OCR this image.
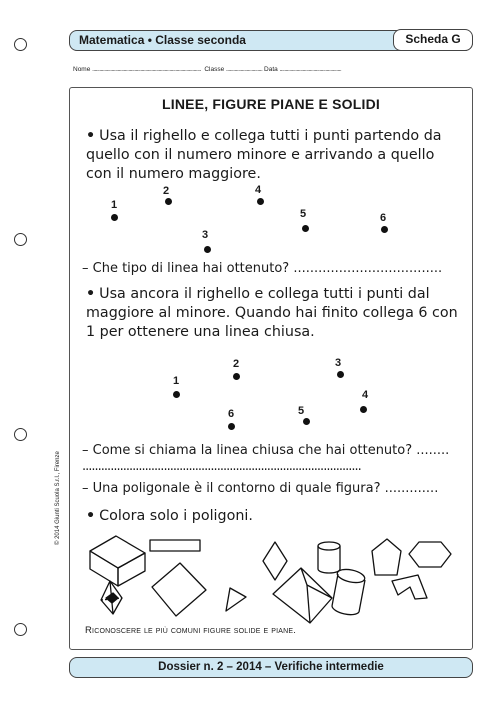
Matematica • Classe seconda	Scheda G
Nome .......................................................................................... Classe .............................. Data ...................................................
LINEE, FIGURE PIANE E SOLIDI
• Usa il righello e collega tutti i punti partendo da quello con il numero minore e arrivando a quello con il numero maggiore.
1
2
3
4
5	6
– Che tipo di linea hai ottenuto? ....................................
• Usa ancora il righello e collega tutti i punti dal maggiore al minore. Quando hai finito collega 6 con 1 per ottenere una linea chiusa.
1
2	3
4
5
6
– Come si chiama la linea chiusa che hai ottenuto? ........
.........................................................................................
– Una poligonale è il contorno di quale figura? .............
• Colora solo i poligoni.
Riconoscere le più comuni figure solide e piane.
© 2014 Giunti Scuola S.r.l., Firenze
Dossier n. 2 – 2014 – Verifiche intermedie
